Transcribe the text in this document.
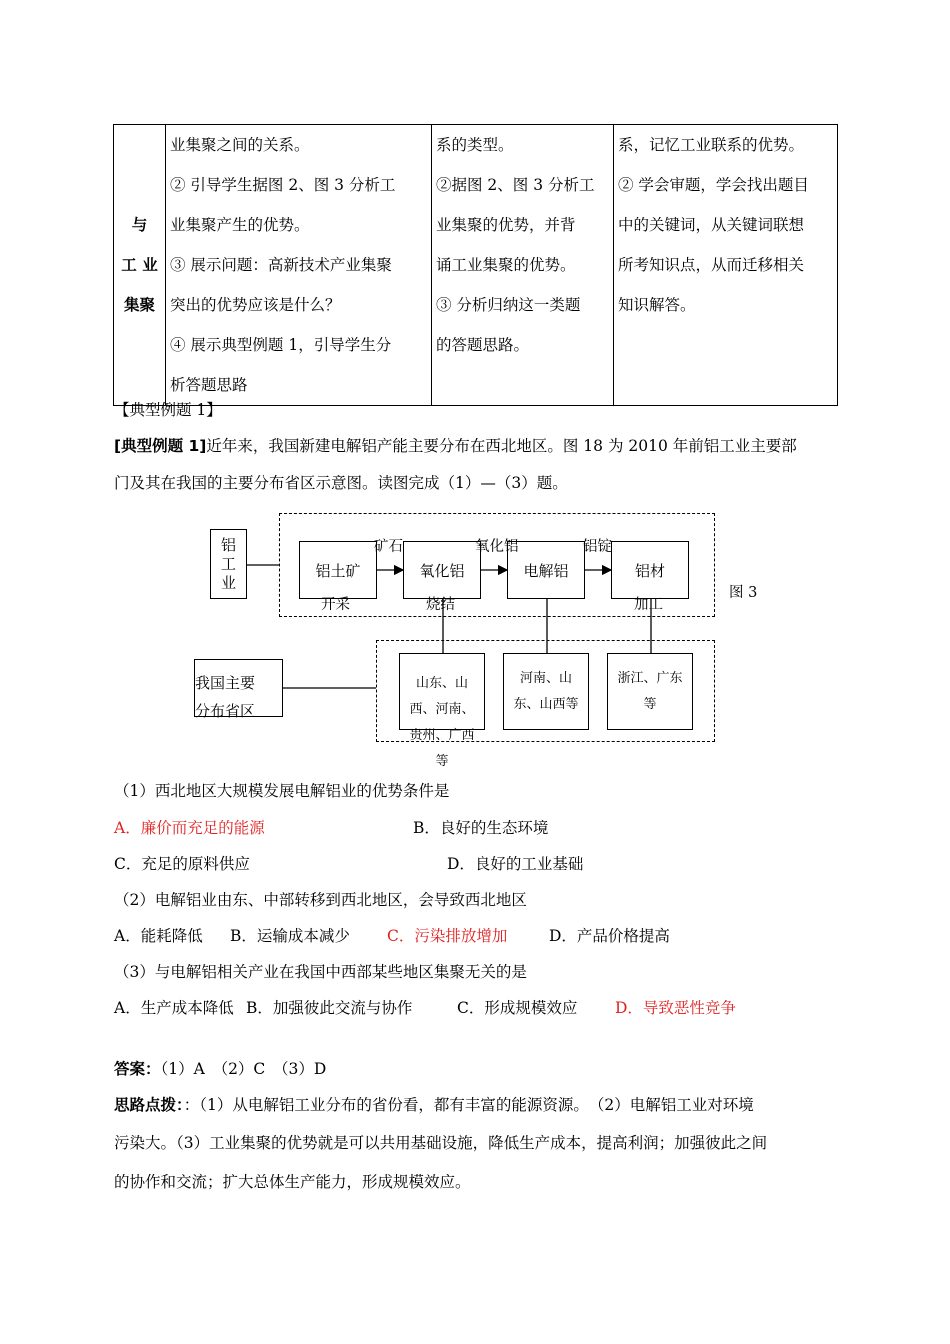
与
工 业
集聚

业集聚之间的关系。
② 引导学生据图 2、图 3 分析工
业集聚产生的优势。
③ 展示问题：高新技术产业集聚
突出的优势应该是什么？
④ 展示典型例题 1，引导学生分
析答题思路

系的类型。
②据图 2、图 3 分析工
业集聚的优势，并背
诵工业集聚的优势。
③ 分析归纳这一类题
的答题思路。

系，记忆工业联系的优势。
② 学会审题，学会找出题目
中的关键词，从关键词联想
所考知识点，从而迁移相关
知识解答。
【典型例题 1】
[典型例题 1]近年来，我国新建电解铝产能主要分布在西北地区。图 18 为 2010 年前铝工业主要部
门及其在我国的主要分布省区示意图。读图完成（1）—（3）题。
铝
工
业
铝土矿	氧化铝	电解铝	铝材
矿石	氧化铝	铝锭
开采	烧结	加工
图 3
我国主要
分布省区
山东、山
西、河南、
贵州、广西
等
河南、山
东、山西等
浙江、广东
等
（1）西北地区大规模发展电解铝业的优势条件是
A．廉价而充足的能源	B．良好的生态环境
C．充足的原料供应	D．良好的工业基础
（2）电解铝业由东、中部转移到西北地区，会导致西北地区
A．能耗降低 B．运输成本减少 C．污染排放增加	D．产品价格提高
（3）与电解铝相关产业在我国中西部某些地区集聚无关的是
A．生产成本降低 B．加强彼此交流与协作	C．形成规模效应 D．导致恶性竞争
答案：（1）A　（2）C　（3）D
思路点拨：：（1）从电解铝工业分布的省份看，都有丰富的能源资源。　（2）电解铝工业对环境
污染大。（3）工业集聚的优势就是可以共用基础设施，降低生产成本，提高利润；加强彼此之间
的协作和交流；扩大总体生产能力，形成规模效应。
